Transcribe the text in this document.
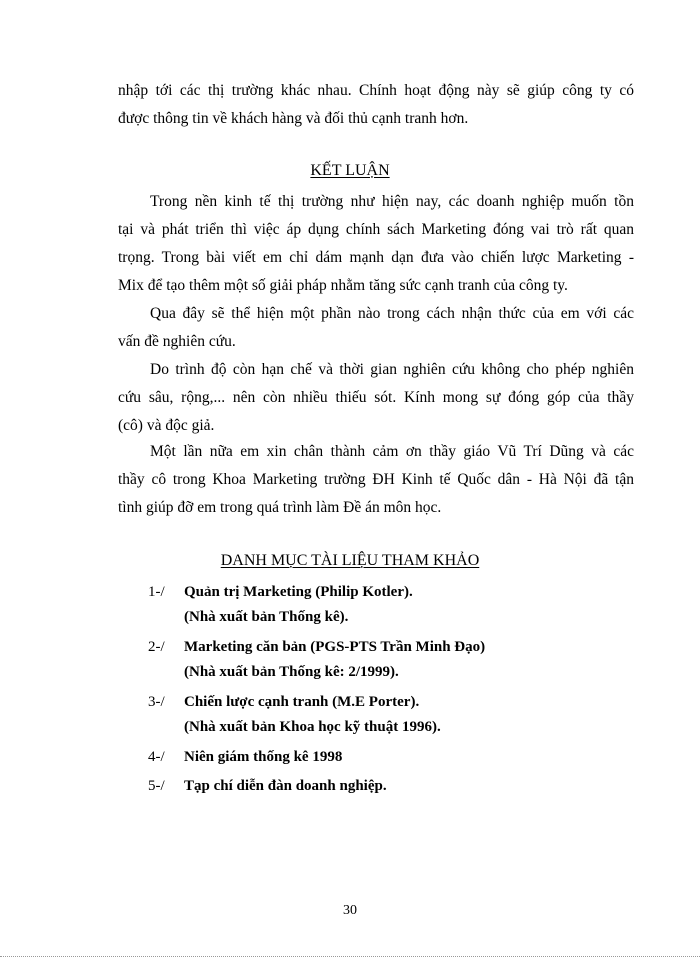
nhập tới các thị trường khác nhau. Chính hoạt động này sẽ giúp công ty có
được thông tin về khách hàng và đối thủ cạnh tranh hơn.
KẾT LUẬN
Trong nền kinh tế thị trường như hiện nay, các doanh nghiệp muốn tồn
tại và phát triển thì việc áp dụng chính sách Marketing đóng vai trò rất quan
trọng. Trong bài viết em chỉ dám mạnh dạn đưa vào chiến lược Marketing -
Mix để tạo thêm một số giải pháp nhằm tăng sức cạnh tranh của công ty.
Qua đây sẽ thể hiện một phần nào trong cách nhận thức của em với các
vấn đề nghiên cứu.
Do trình độ còn hạn chế và thời gian nghiên cứu không cho phép nghiên
cứu sâu, rộng,... nên còn nhiều thiếu sót. Kính mong sự đóng góp của thầy
(cô) và độc giả.
Một lần nữa em xin chân thành cảm ơn thầy giáo Vũ Trí Dũng và các
thầy cô trong Khoa Marketing trường ĐH Kinh tế Quốc dân - Hà Nội đã tận
tình giúp đỡ em trong quá trình làm Đề án môn học.
DANH MỤC TÀI LIỆU THAM KHẢO
1-/	Quản trị Marketing (Philip Kotler).
(Nhà xuất bản Thống kê).
2-/	Marketing căn bản (PGS-PTS Trần Minh Đạo)
(Nhà xuất bản Thống kê: 2/1999).
3-/	Chiến lược cạnh tranh (M.E Porter).
(Nhà xuất bản Khoa học kỹ thuật 1996).
4-/	Niên giám thống kê 1998
5-/	Tạp chí diễn đàn doanh nghiệp.
30
